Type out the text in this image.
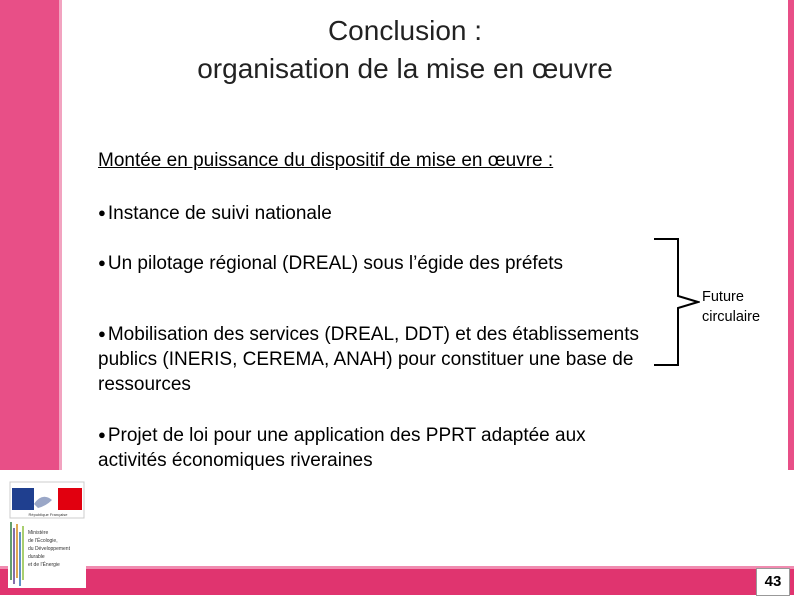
Conclusion :
organisation de la mise en œuvre
Montée en puissance du dispositif de mise en œuvre :
● Instance de suivi nationale
● Un pilotage régional (DREAL) sous l’égide des préfets
● Mobilisation des services (DREAL, DDT) et des établissements publics (INERIS, CEREMA, ANAH) pour constituer une base de ressources
● Projet de loi pour une application des PPRT adaptée aux activités économiques riveraines
Future
circulaire
République Française
Ministère
de l'Écologie,
du Développement
durable
et de l'Énergie
43
